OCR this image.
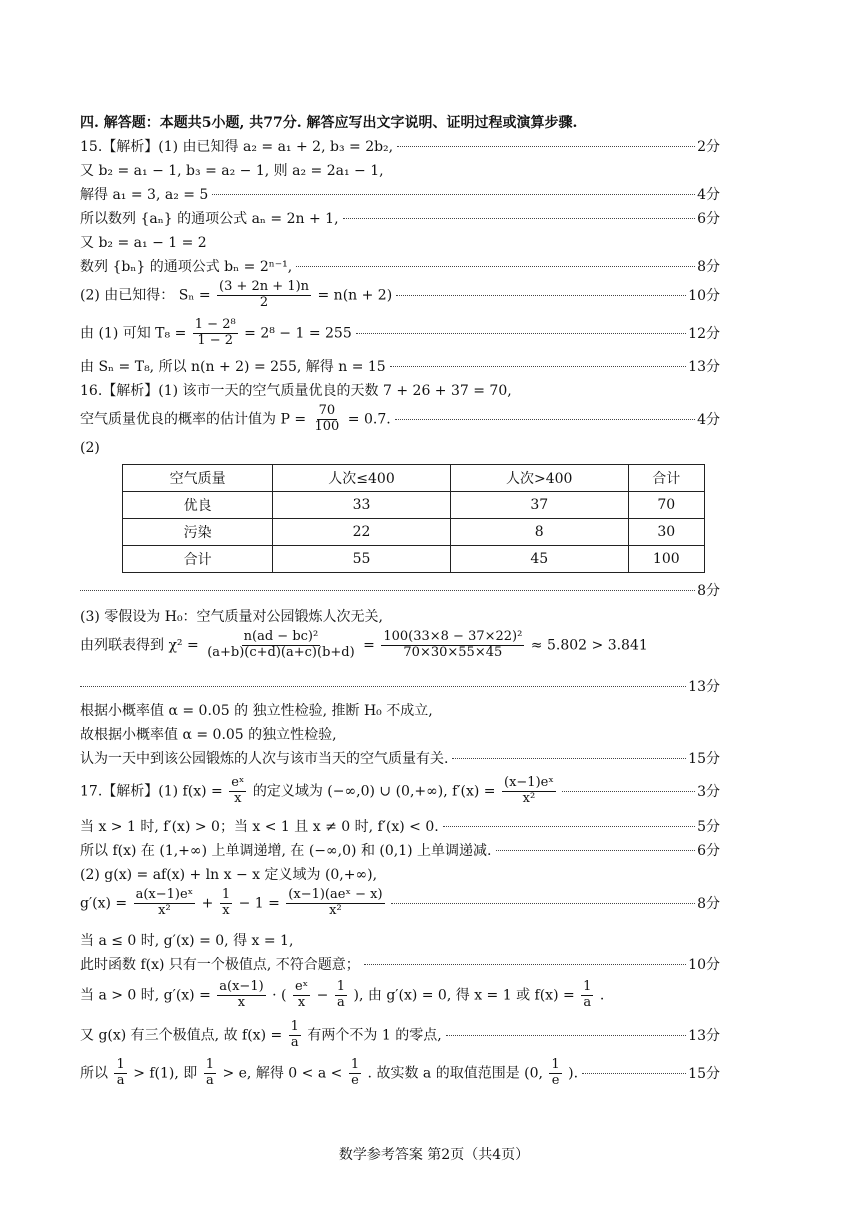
四. 解答题：本题共5小题, 共77分. 解答应写出文字说明、证明过程或演算步骤.
15.【解析】(1) 由已知得 a₂ = a₁ + 2, b₃ = 2b₂,	2分
又 b₂ = a₁ − 1, b₃ = a₂ − 1, 则 a₂ = 2a₁ − 1,
解得 a₁ = 3, a₂ = 5	4分
所以数列 {aₙ} 的通项公式 aₙ = 2n + 1,	6分
又 b₂ = a₁ − 1 = 2
数列 {bₙ} 的通项公式 bₙ = 2ⁿ⁻¹,	8分
(2) 由已知得： $S_n = \frac{(3 + 2n + 1)n}{2} = n(n + 2)$	10分
由 (1) 可知 $T_8 = \frac{\text{1 − 2⁸}}{1 - 2} = 2^8 - 1 = 255$	12分
由 Sₙ = T₈, 所以 n(n + 2) = 255, 解得 n = 15	13分
16.【解析】(1) 该市一天的空气质量优良的天数 7 + 26 + 37 = 70,
空气质量优良的概率的估计值为 $P = \frac{70}{100} = 0.7$.	4分
(2)
空气质量	人次≤400	人次>400	合计
优良	33	37	70
污染	22	8	30
合计	55	45	100
8分
(3) 零假设为 H₀：空气质量对公园锻炼人次无关,
由列联表得到 $\chi^2 = \frac{\text{n(ad − bc)²}}{(a+b)(c+d)(a+c)(b+d)} = \frac{\text{100(33×8 − 37×22)²}}{70\times 30\times 55\times 45} \approx 5.802 > 3.841$
13分
根据小概率值 α = 0.05 的 独立性检验, 推断 H₀ 不成立,
故根据小概率值 α = 0.05 的独立性检验,
认为一天中到该公园锻炼的人次与该市当天的空气质量有关.	15分
17.【解析】(1) $f(x) = \frac{\text{eˣ}}{x}$ 的定义域为 (−∞,0) ∪ (0,+∞), $f'(x) = \frac{\text{(x−1)eˣ}}{\text{x²}}$	3分
当 x > 1 时, f′(x) > 0；当 x < 1 且 x ≠ 0 时, f′(x) < 0.	5分
所以 f(x) 在 (1,+∞) 上单调递增, 在 (−∞,0) 和 (0,1) 上单调递减.	6分
(2) g(x) = af(x) + ln x − x 定义域为 (0,+∞),
$g'(x) = \frac{\text{a(x−1)eˣ}}{\text{x²}} + \frac{1}{x} - 1 = \frac{\text{(x−1)(aeˣ − x)}}{\text{x²}}$	8分
当 a ≤ 0 时, g′(x) = 0, 得 x = 1,
此时函数 f(x) 只有一个极值点, 不符合题意；	10分
当 a > 0 时, $g'(x) = \frac{a(x-1)}{x}$ · ( $\frac{\text{eˣ}}{x} - \frac{1}{a}$ ), 由 g′(x) = 0, 得 x = 1 或 $f(x) = \frac{1}{a}$ .
又 g(x) 有三个极值点, 故 $f(x) = \frac{1}{a}$ 有两个不为 1 的零点,	13分
所以 $\frac{1}{a} > f(1)$, 即 $\frac{1}{a} > e$, 解得 $0 < a < \frac{1}{e}$ . 故实数 a 的取值范围是 (0, $\frac{1}{e}$ ).	15分
数学参考答案 第2页（共4页）
